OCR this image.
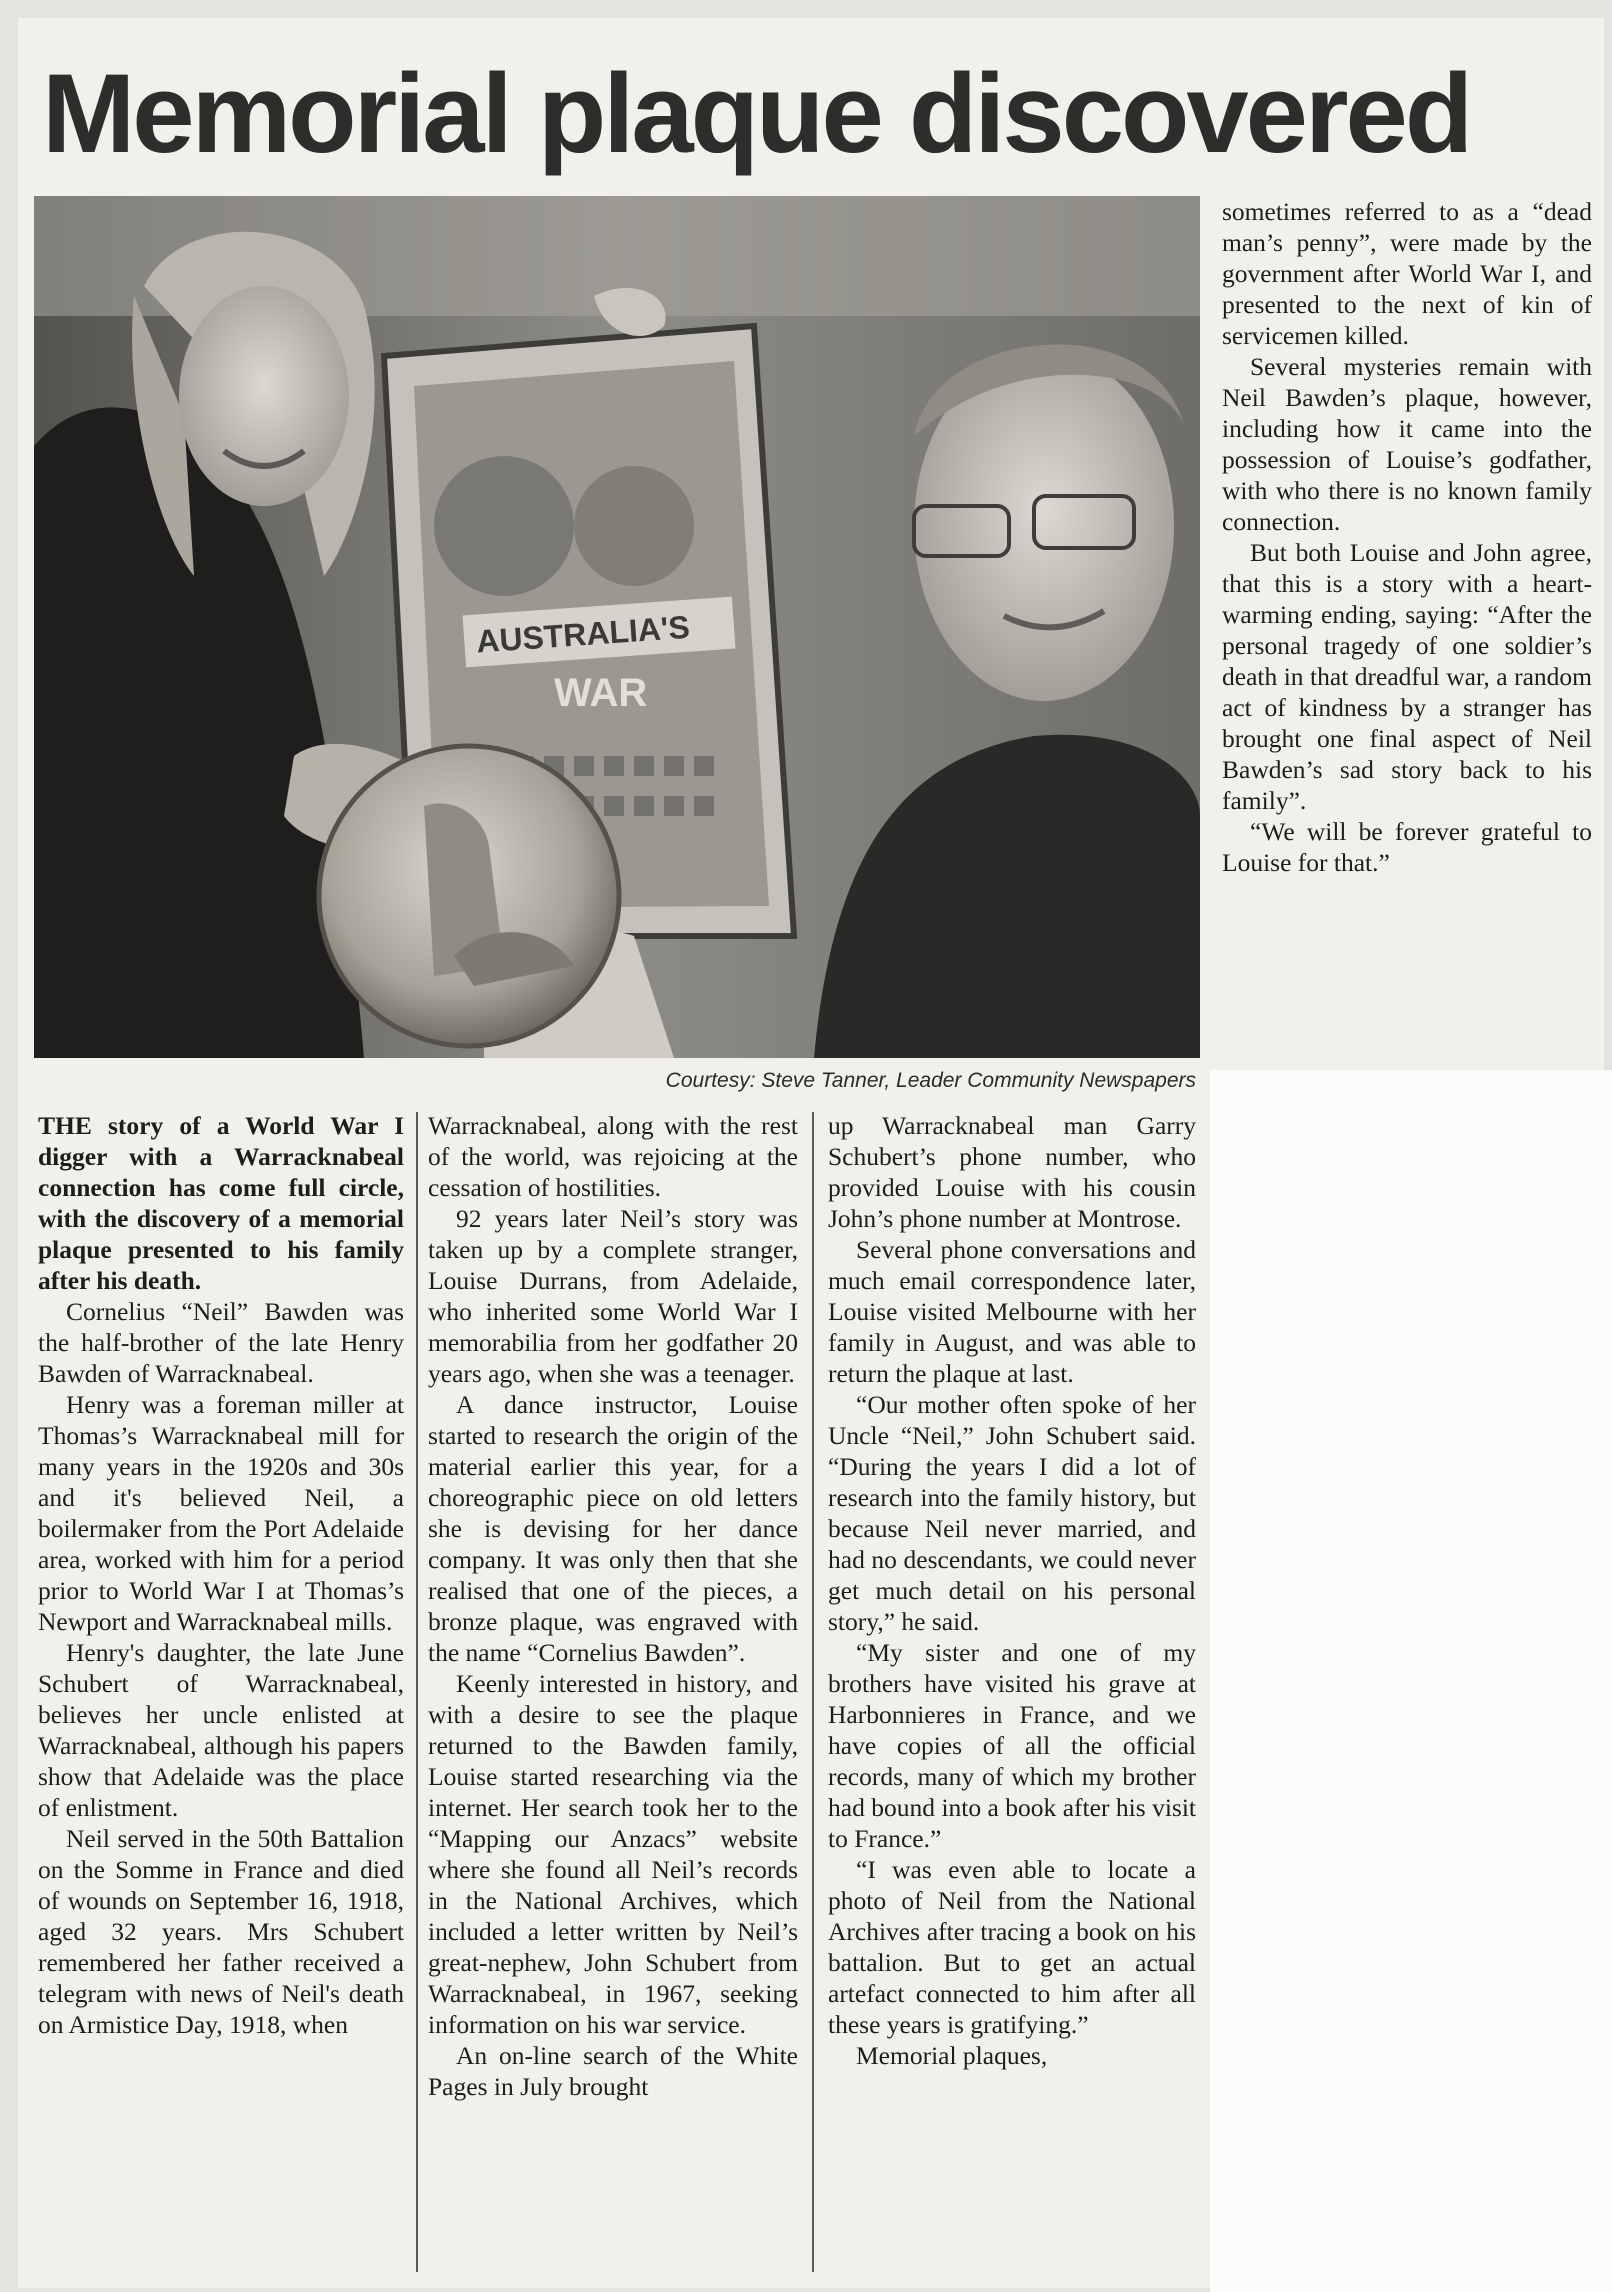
Memorial plaque discovered
AUSTRALIA'S
WAR
Courtesy: Steve Tanner, Leader Community Newspapers

THE story of a World War I digger with a Warracknabeal connection has come full circle, with the discovery of a memorial plaque presented to his family after his death.

Cornelius “Neil” Bawden was the half-brother of the late Henry Bawden of Warracknabeal.

Henry was a foreman miller at Thomas’s Warracknabeal mill for many years in the 1920s and 30s and it's believed Neil, a boilermaker from the Port Adelaide area, worked with him for a period prior to World War I at Thomas’s Newport and Warracknabeal mills.

Henry's daughter, the late June Schubert of Warracknabeal, believes her uncle enlisted at Warracknabeal, although his papers show that Adelaide was the place of enlistment.

Neil served in the 50th Battalion on the Somme in France and died of wounds on September 16, 1918, aged 32 years. Mrs Schubert remembered her father received a telegram with news of Neil's death on Armistice Day, 1918, when

Warracknabeal, along with the rest of the world, was rejoicing at the cessation of hostilities.

92 years later Neil’s story was taken up by a complete stranger, Louise Durrans, from Adelaide, who inherited some World War I memorabilia from her godfather 20 years ago, when she was a teenager.

A dance instructor, Louise started to research the origin of the material earlier this year, for a choreographic piece on old letters she is devising for her dance company. It was only then that she realised that one of the pieces, a bronze plaque, was engraved with the name “Cornelius Bawden”.

Keenly interested in history, and with a desire to see the plaque returned to the Bawden family, Louise started researching via the internet. Her search took her to the “Mapping our Anzacs” website where she found all Neil’s records in the National Archives, which included a letter written by Neil’s great-nephew, John Schubert from Warracknabeal, in 1967, seeking information on his war service.

An on-line search of the White Pages in July brought

up Warracknabeal man Garry Schubert’s phone number, who provided Louise with his cousin John’s phone number at Montrose.

Several phone conversations and much email correspondence later, Louise visited Melbourne with her family in August, and was able to return the plaque at last.

“Our mother often spoke of her Uncle “Neil,” John Schubert said. “During the years I did a lot of research into the family history, but because Neil never married, and had no descendants, we could never get much detail on his personal story,” he said.

“My sister and one of my brothers have visited his grave at Harbonnieres in France, and we have copies of all the official records, many of which my brother had bound into a book after his visit to France.”

“I was even able to locate a photo of Neil from the National Archives after tracing a book on his battalion. But to get an actual artefact connected to him after all these years is gratifying.”

Memorial plaques,

sometimes referred to as a “dead man’s penny”, were made by the government after World War I, and presented to the next of kin of servicemen killed.

Several mysteries remain with Neil Bawden’s plaque, however, including how it came into the possession of Louise’s godfather, with who there is no known family connection.

But both Louise and John agree, that this is a story with a heart-warming ending, saying: “After the personal tragedy of one soldier’s death in that dreadful war, a random act of kindness by a stranger has brought one final aspect of Neil Bawden’s sad story back to his family”.

“We will be forever grateful to Louise for that.”
